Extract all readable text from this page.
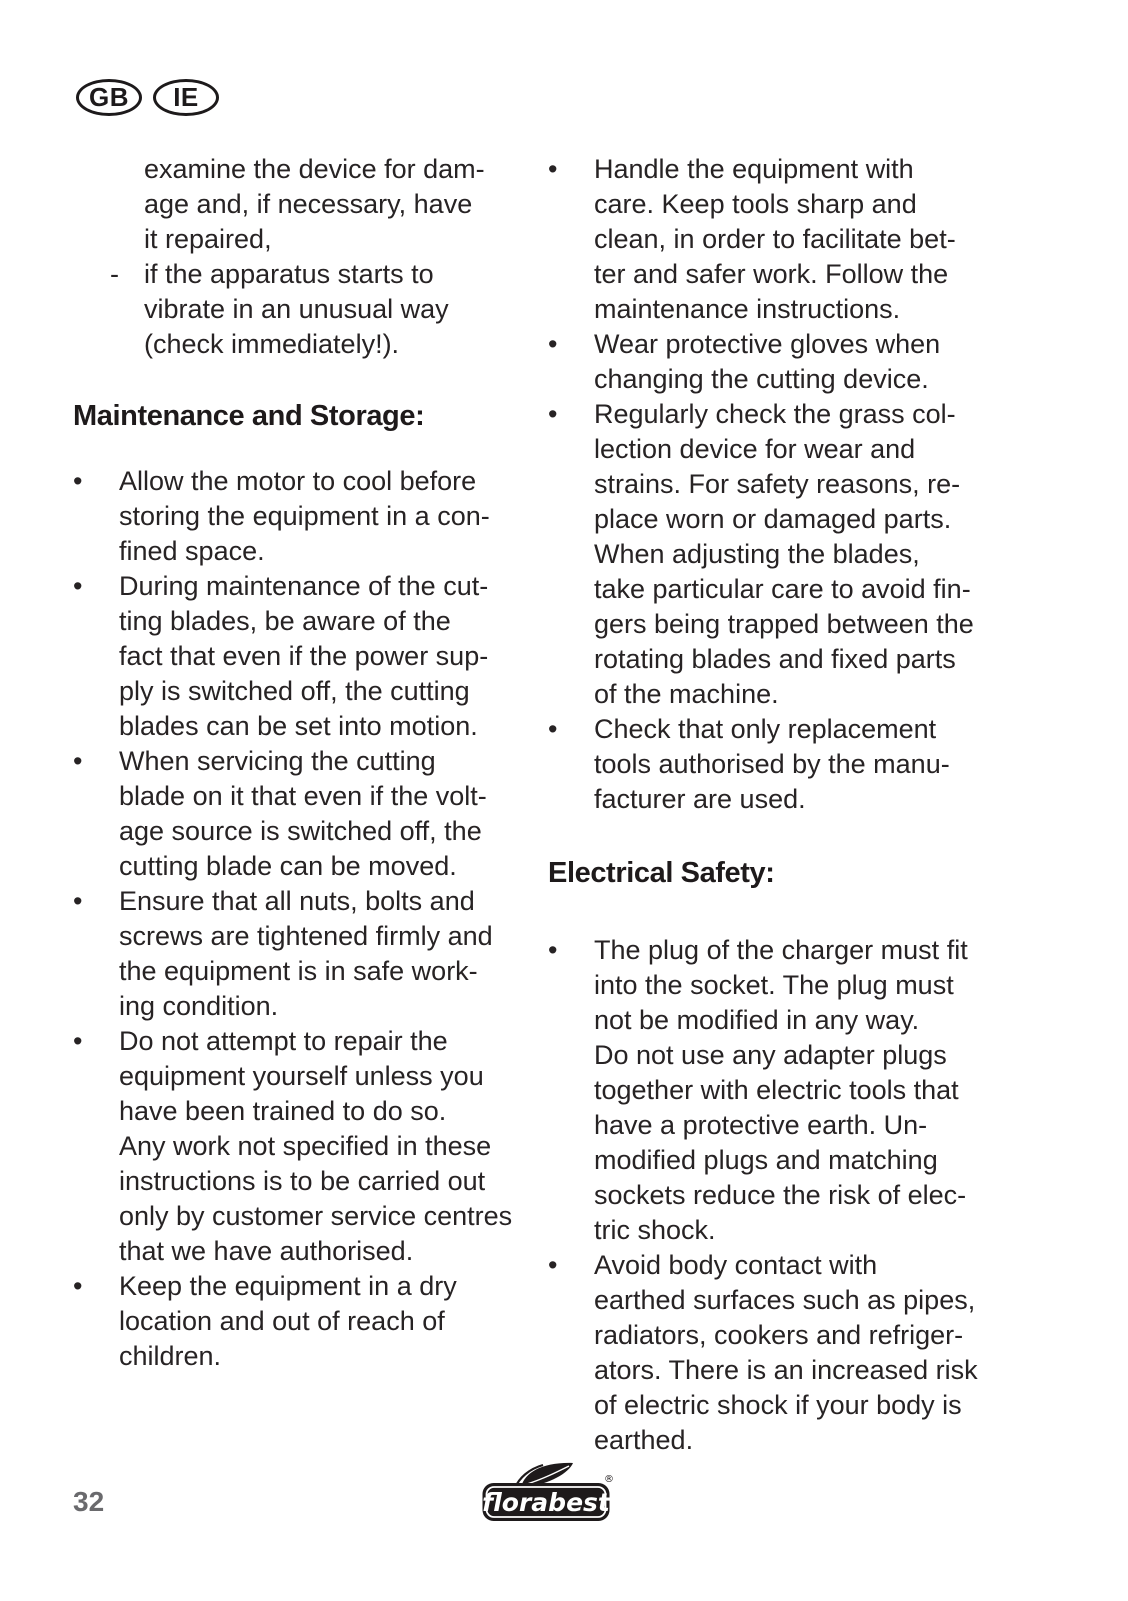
GB	IE
examine the device for dam-
age and, if necessary, have
it repaired,
- if the apparatus starts to
vibrate in an unusual way
(check immediately!).
Maintenance and Storage:
•	Allow the motor to cool before
storing the equipment in a con-
fined space.
•	During maintenance of the cut-
ting blades, be aware of the
fact that even if the power sup-
ply is switched off, the cutting
blades can be set into motion.
•	When servicing the cutting
blade on it that even if the volt-
age source is switched off, the
cutting blade can be moved.
•	Ensure that all nuts, bolts and
screws are tightened firmly and
the equipment is in safe work-
ing condition.
•	Do not attempt to repair the
equipment yourself unless you
have been trained to do so.
Any work not specified in these
instructions is to be carried out
only by customer service centres
that we have authorised.
•	Keep the equipment in a dry
location and out of reach of
children.
•	Handle the equipment with
care. Keep tools sharp and
clean, in order to facilitate bet-
ter and safer work. Follow the
maintenance instructions.
•	Wear protective gloves when
changing the cutting device.
•	Regularly check the grass col-
lection device for wear and
strains. For safety reasons, re-
place worn or damaged parts.
When adjusting the blades,
take particular care to avoid fin-
gers being trapped between the
rotating blades and fixed parts
of the machine.
•	Check that only replacement
tools authorised by the manu-
facturer are used.
Electrical Safety:
•	The plug of the charger must fit
into the socket. The plug must
not be modified in any way.
Do not use any adapter plugs
together with electric tools that
have a protective earth. Un-
modified plugs and matching
sockets reduce the risk of elec-
tric shock.
•	Avoid body contact with
earthed surfaces such as pipes,
radiators, cookers and refriger-
ators. There is an increased risk
of electric shock if your body is
earthed.
32	florabest
®
